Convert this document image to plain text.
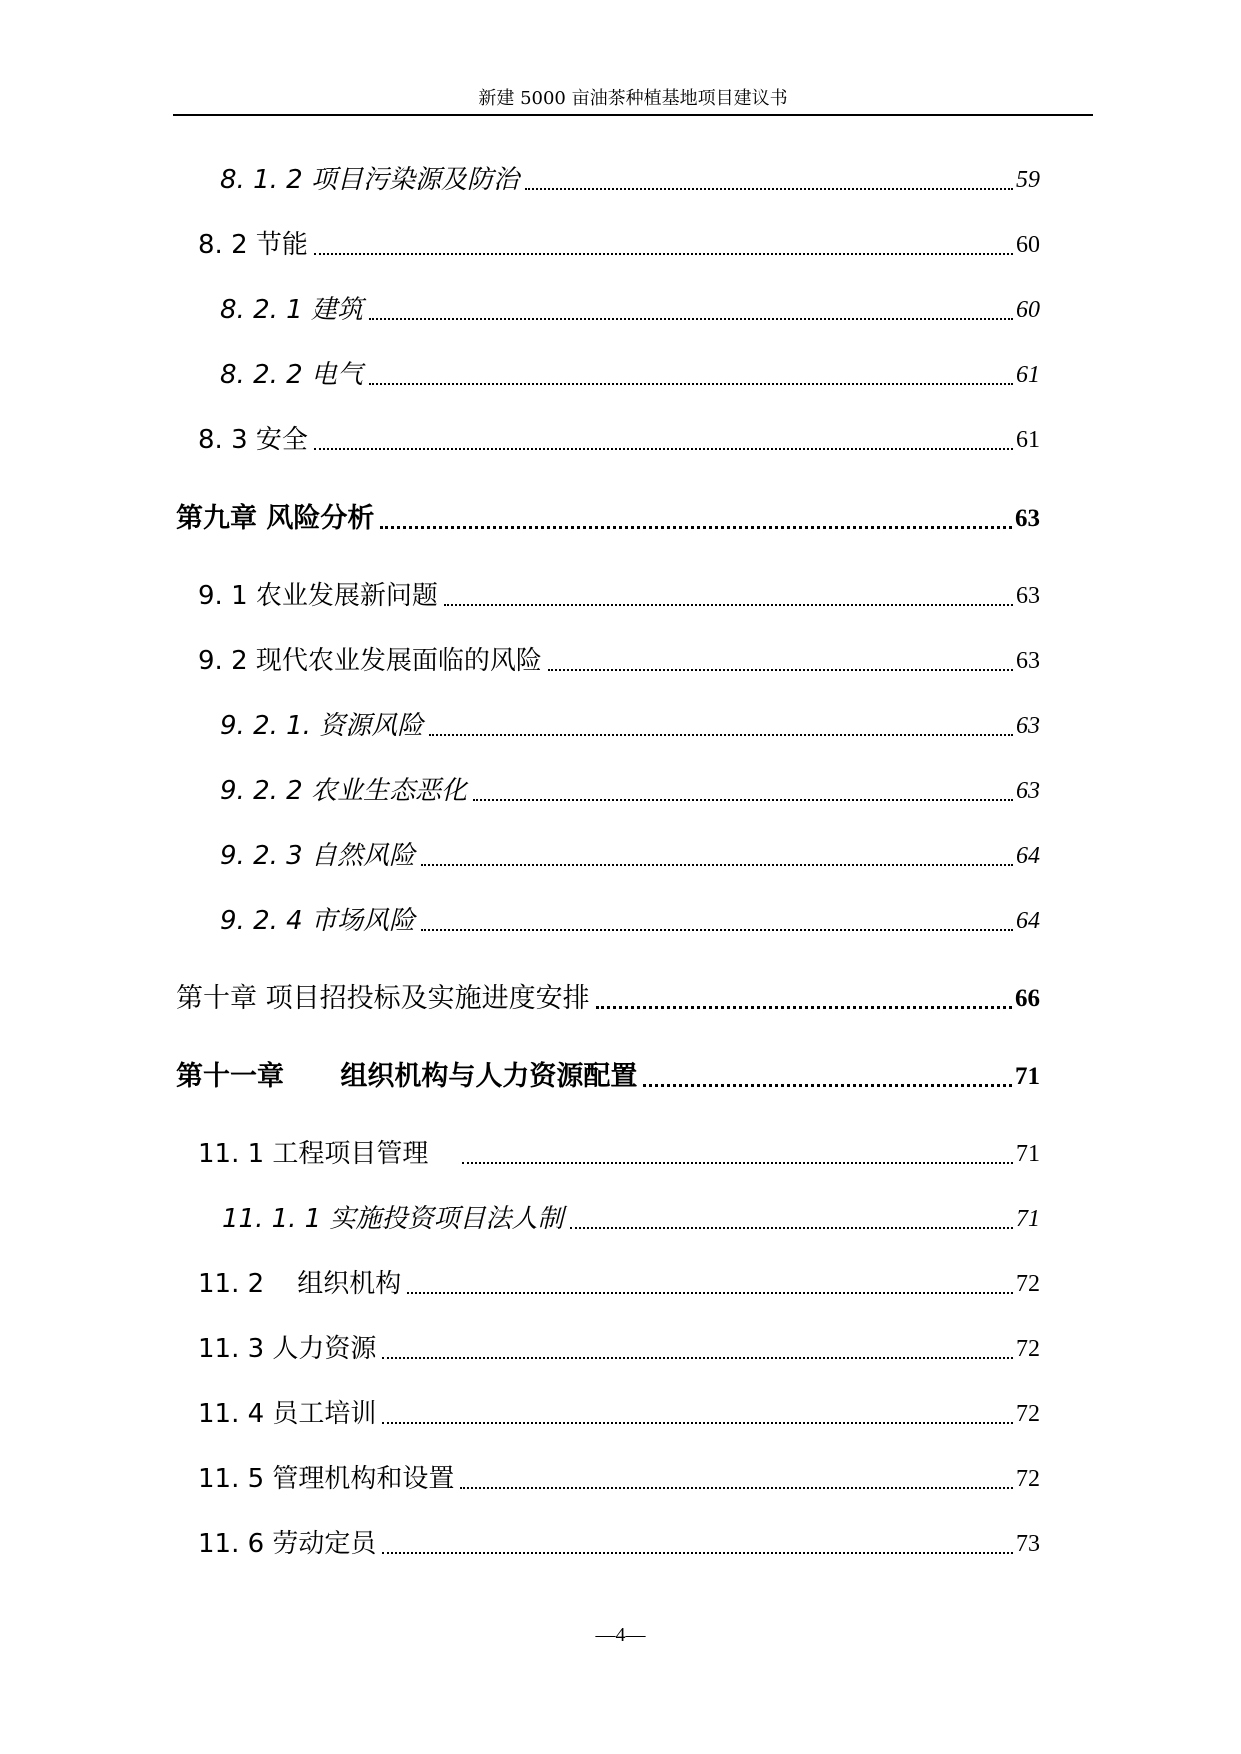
新建 5000 亩油茶种植基地项目建议书
8. 1. 2 项目污染源及防治	59
8. 2 节能	60
8. 2. 1 建筑	60
8. 2. 2 电气	61
8. 3 安全	61
第九章 风险分析	63
9. 1 农业发展新问题	63
9. 2 现代农业发展面临的风险	63
9. 2. 1. 资源风险	63
9. 2. 2 农业生态恶化	63
9. 2. 3 自然风险	64
9. 2. 4 市场风险	64
第十章 项目招投标及实施进度安排	66
第十一章      组织机构与人力资源配置	71
11. 1 工程项目管理	71
11. 1. 1 实施投资项目法人制	71
11. 2    组织机构	72
11. 3 人力资源	72
11. 4 员工培训	72
11. 5 管理机构和设置	72
11. 6 劳动定员	73
—4—
